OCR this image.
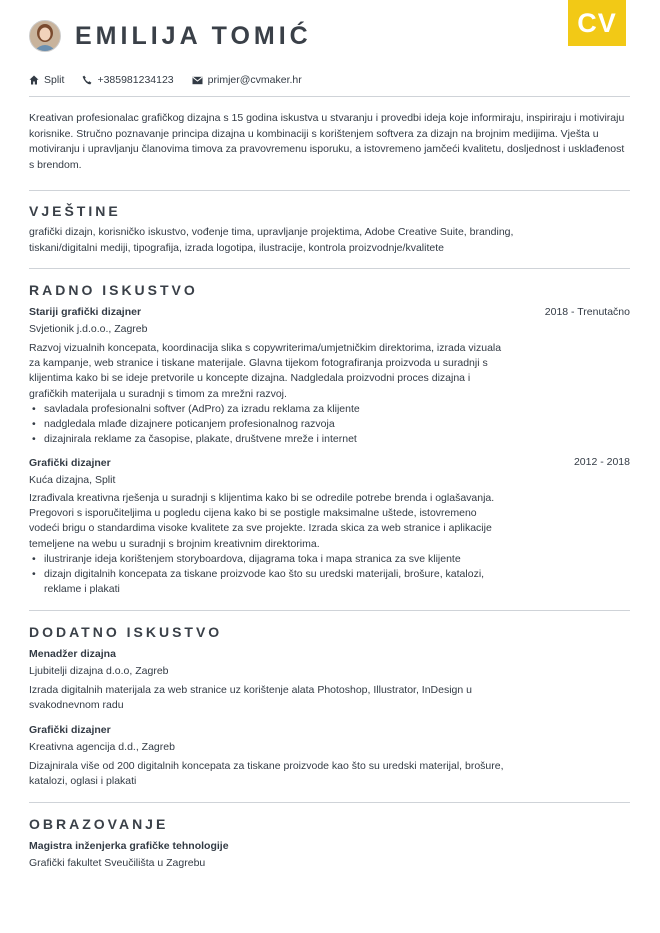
CV
EMILIJA TOMIĆ
Split	+385981234123	primjer@cvmaker.hr
Kreativan profesionalac grafičkog dizajna s 15 godina iskustva u stvaranju i provedbi ideja koje informiraju, inspiriraju i motiviraju korisnike. Stručno poznavanje principa dizajna u kombinaciji s korištenjem softvera za dizajn na brojnim medijima. Vješta u motiviranju i upravljanju članovima timova za pravovremenu isporuku, a istovremeno jamčeći kvalitetu, dosljednost i usklađenost s brendom.
VJEŠTINE
grafički dizajn, korisničko iskustvo, vođenje tima, upravljanje projektima, Adobe Creative Suite, branding, tiskani/digitalni mediji, tipografija, izrada logotipa, ilustracije, kontrola proizvodnje/kvalitete
RADNO ISKUSTVO
Stariji grafički dizajner	2018 - Trenutačno
Svjetionik j.d.o.o., Zagreb
Razvoj vizualnih koncepata, koordinacija slika s copywriterima/umjetničkim direktorima, izrada vizuala za kampanje, web stranice i tiskane materijale. Glavna tijekom fotografiranja proizvoda u suradnji s klijentima kako bi se ideje pretvorile u koncepte dizajna. Nadgledala proizvodni proces dizajna i grafičkih materijala u suradnji s timom za mrežni razvoj.
• savladala profesionalni softver (AdPro) za izradu reklama za klijente
• nadgledala mlađe dizajnere poticanjem profesionalnog razvoja
• dizajnirala reklame za časopise, plakate, društvene mreže i internet
Grafički dizajner	2012 - 2018
Kuća dizajna, Split
Izrađivala kreativna rješenja u suradnji s klijentima kako bi se odredile potrebe brenda i oglašavanja. Pregovori s isporučiteljima u pogledu cijena kako bi se postigle maksimalne uštede, istovremeno vodeći brigu o standardima visoke kvalitete za sve projekte. Izrada skica za web stranice i aplikacije temeljene na webu u suradnji s brojnim kreativnim direktorima.
• ilustriranje ideja korištenjem storyboardova, dijagrama toka i mapa stranica za sve klijente
• dizajn digitalnih koncepata za tiskane proizvode kao što su uredski materijali, brošure, katalozi, reklame i plakati
DODATNO ISKUSTVO
Menadžer dizajna
Ljubitelji dizajna d.o.o, Zagreb
Izrada digitalnih materijala za web stranice uz korištenje alata Photoshop, Illustrator, InDesign u svakodnevnom radu
Grafički dizajner
Kreativna agencija d.d., Zagreb
Dizajnirala više od 200 digitalnih koncepata za tiskane proizvode kao što su uredski materijal, brošure, katalozi, oglasi i plakati
OBRAZOVANJE
Magistra inženjerka grafičke tehnologije
Grafički fakultet Sveučilišta u Zagrebu
